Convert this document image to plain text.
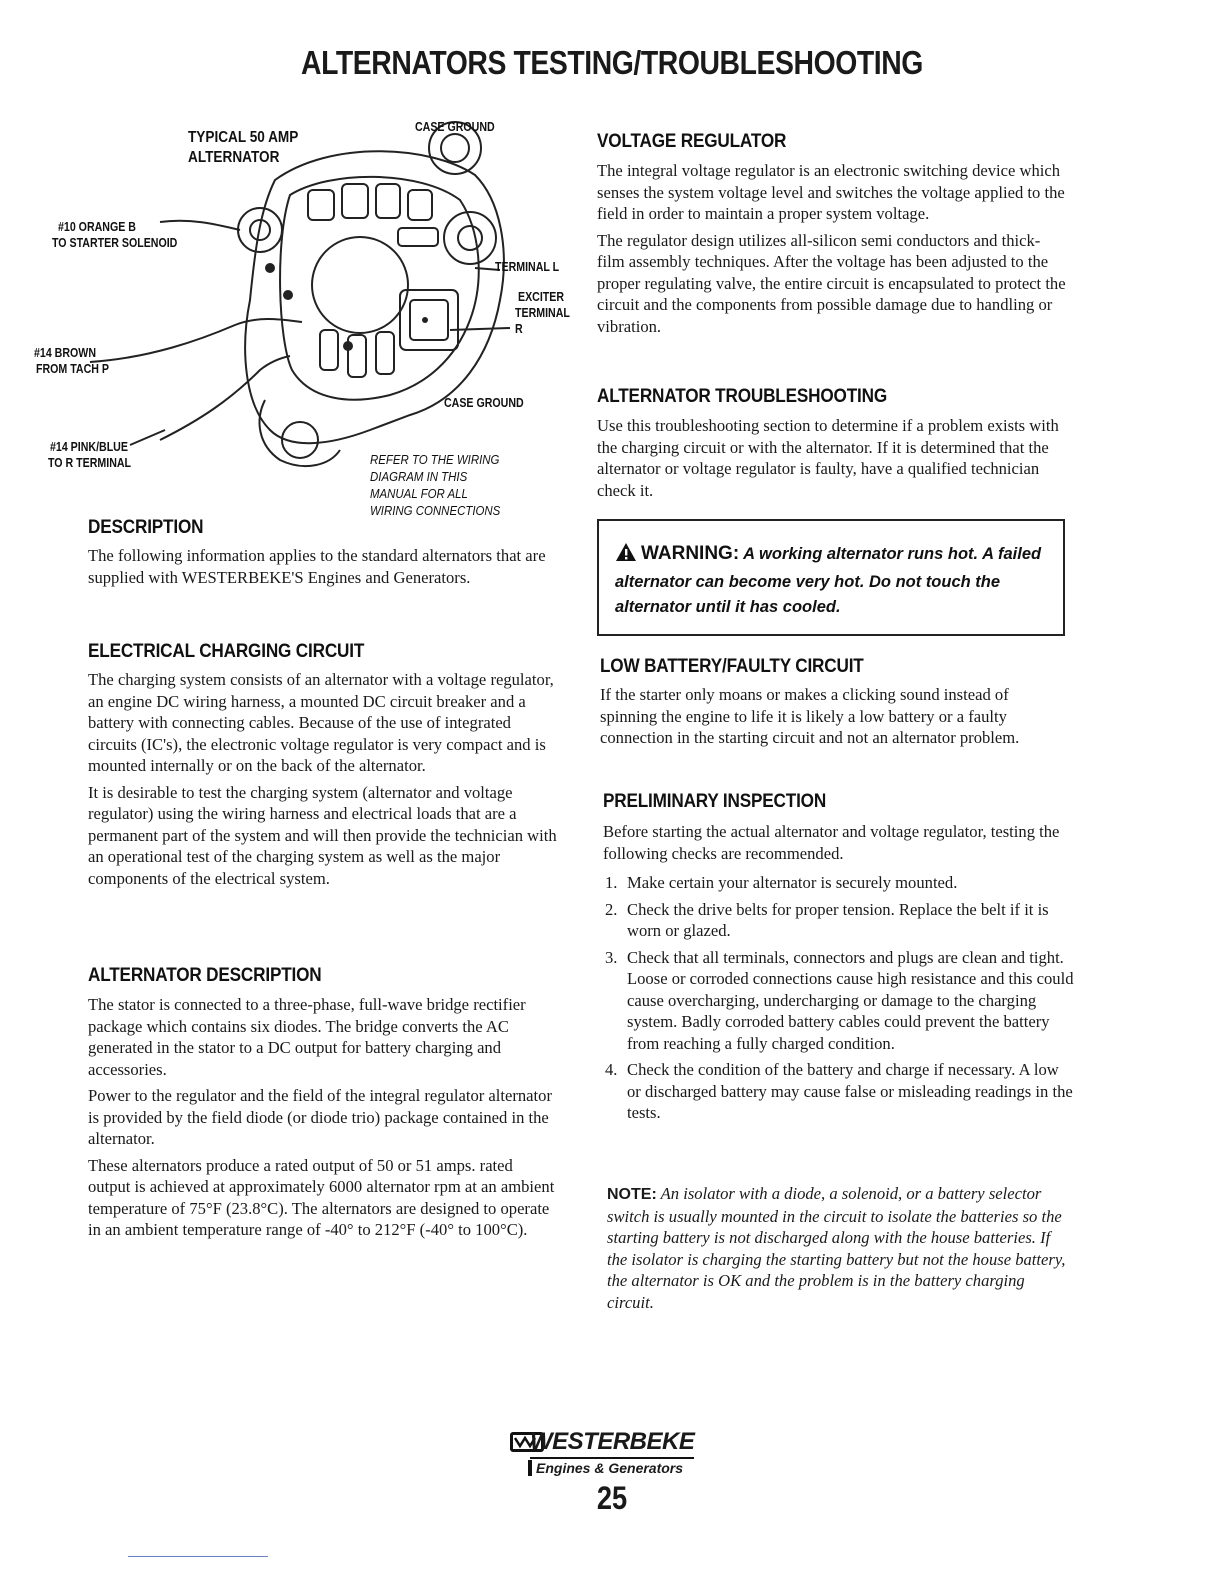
ALTERNATORS TESTING/TROUBLESHOOTING
TYPICAL 50 AMP
ALTERNATOR
CASE GROUND
#10 ORANGE B
TO STARTER SOLENOID
TERMINAL L
EXCITER
TERMINAL
R
#14 BROWN
FROM TACH P
CASE GROUND
#14 PINK/BLUE
TO R TERMINAL	REFER TO THE WIRING
DIAGRAM IN THIS
MANUAL FOR ALL
WIRING CONNECTIONS
DESCRIPTION

The following information applies to the standard alternators that are supplied with WESTERBEKE'S Engines and Generators.

ELECTRICAL CHARGING CIRCUIT

The charging system consists of an alternator with a voltage regulator, an engine DC wiring harness, a mounted DC circuit breaker and a battery with connecting cables. Because of the use of integrated circuits (IC's), the electronic voltage regulator is very compact and is mounted internally or on the back of the alternator.

It is desirable to test the charging system (alternator and voltage regulator) using the wiring harness and electrical loads that are a permanent part of the system and will then provide the technician with an operational test of the charging system as well as the major components of the electrical system.

ALTERNATOR DESCRIPTION

The stator is connected to a three-phase, full-wave bridge rectifier package which contains six diodes. The bridge converts the AC generated in the stator to a DC output for battery charging and accessories.

Power to the regulator and the field of the integral regulator alternator is provided by the field diode (or diode trio) package contained in the alternator.

These alternators produce a rated output of 50 or 51 amps. rated output is achieved at approximately 6000 alternator rpm at an ambient temperature of 75°F (23.8°C). The alternators are designed to operate in an ambient temperature range of -40° to 212°F (-40° to 100°C).

VOLTAGE REGULATOR

The integral voltage regulator is an electronic switching device which senses the system voltage level and switches the voltage applied to the field in order to maintain a proper system voltage.

The regulator design utilizes all-silicon semi conductors and thick-film assembly techniques. After the voltage has been adjusted to the proper regulating valve, the entire circuit is encapsulated to protect the circuit and the components from possible damage due to handling or vibration.

ALTERNATOR TROUBLESHOOTING

Use this troubleshooting section to determine if a problem exists with the charging circuit or with the alternator. If it is determined that the alternator or voltage regulator is faulty, have a qualified technician check it.

WARNING: A working alternator runs hot. A failed alternator can become very hot. Do not touch the alternator until it has cooled.
LOW BATTERY/FAULTY CIRCUIT

If the starter only moans or makes a clicking sound instead of spinning the engine to life it is likely a low battery or a faulty connection in the starting circuit and not an alternator problem.

PRELIMINARY INSPECTION

Before starting the actual alternator and voltage regulator, testing the following checks are recommended.

1. Make certain your alternator is securely mounted.
2. Check the drive belts for proper tension. Replace the belt if it is worn or glazed.
3. Check that all terminals, connectors and plugs are clean and tight. Loose or corroded connections cause high resistance and this could cause overcharging, undercharging or damage to the charging system. Badly corroded battery cables could prevent the battery from reaching a fully charged condition.
4. Check the condition of the battery and charge if necessary. A low or discharged battery may cause false or misleading readings in the tests.

NOTE: An isolator with a diode, a solenoid, or a battery selector switch is usually mounted in the circuit to isolate the batteries so the starting battery is not discharged along with the house batteries. If the isolator is charging the starting battery but not the house battery, the alternator is OK and the problem is in the battery charging circuit.

WESTERBEKE
Engines & Generators
25
